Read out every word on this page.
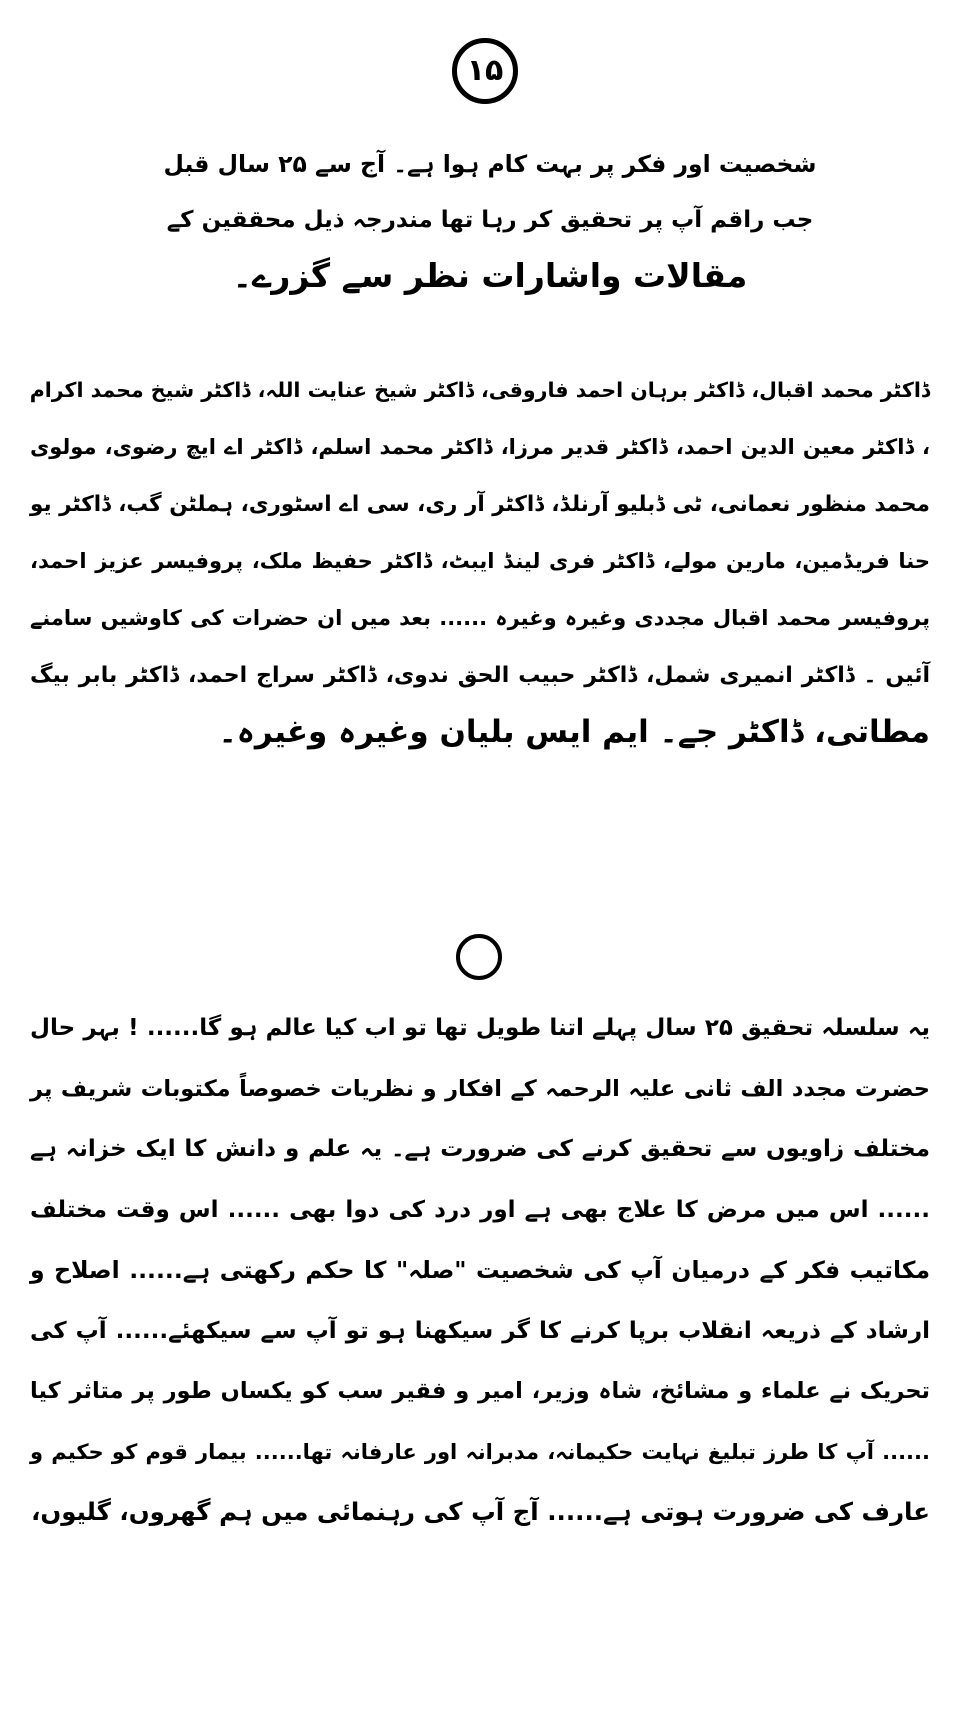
۱۵
شخصیت اور فکر پر بہت کام ہوا ہے۔ آج سے ۲۵ سال قبل
جب راقم آپ پر تحقیق کر رہا تھا مندرجہ ذیل محققین کے
مقالات واشارات نظر سے گزرے۔
ڈاکٹر محمد اقبال، ڈاکٹر برہان احمد فاروقی، ڈاکٹر شیخ عنایت اللہ، ڈاکٹر شیخ محمد اکرام
، ڈاکٹر معین الدین احمد، ڈاکٹر قدیر مرزا، ڈاکٹر محمد اسلم، ڈاکٹر اے ایچ رضوی، مولوی
محمد منظور نعمانی، ٹی ڈبلیو آرنلڈ، ڈاکٹر آر ری، سی اے اسٹوری، ہملٹن گب، ڈاکٹر یو
حنا فریڈمین، مارین مولے، ڈاکٹر فری لینڈ ایبٹ، ڈاکٹر حفیظ ملک، پروفیسر عزیز احمد،
پروفیسر محمد اقبال مجددی وغیرہ وغیرہ ...... بعد میں ان حضرات کی کاوشیں سامنے
آئیں ۔ ڈاکٹر انمیری شمل، ڈاکٹر حبیب الحق ندوی، ڈاکٹر سراج احمد، ڈاکٹر بابر بیگ
مطاتی، ڈاکٹر جے۔ ایم ایس بلیان وغیرہ وغیرہ۔
یہ سلسلہ تحقیق ۲۵ سال پہلے اتنا طویل تھا تو اب کیا عالم ہو گا...... ! بہر حال
حضرت مجدد الف ثانی علیہ الرحمہ کے افکار و نظریات خصوصاً مکتوبات شریف پر
مختلف زاویوں سے تحقیق کرنے کی ضرورت ہے۔ یہ علم و دانش کا ایک خزانہ ہے
...... اس میں مرض کا علاج بھی ہے اور درد کی دوا بھی ...... اس وقت مختلف
مکاتیب فکر کے درمیان آپ کی شخصیت "صلہ" کا حکم رکھتی ہے...... اصلاح و
ارشاد کے ذریعہ انقلاب برپا کرنے کا گر سیکھنا ہو تو آپ سے سیکھئے...... آپ کی
تحریک نے علماء و مشائخ، شاہ وزیر، امیر و فقیر سب کو یکساں طور پر متاثر کیا
...... آپ کا طرز تبلیغ نہایت حکیمانہ، مدبرانہ اور عارفانہ تھا...... بیمار قوم کو حکیم و
عارف کی ضرورت ہوتی ہے...... آج آپ کی رہنمائی میں ہم گھروں، گلیوں،
